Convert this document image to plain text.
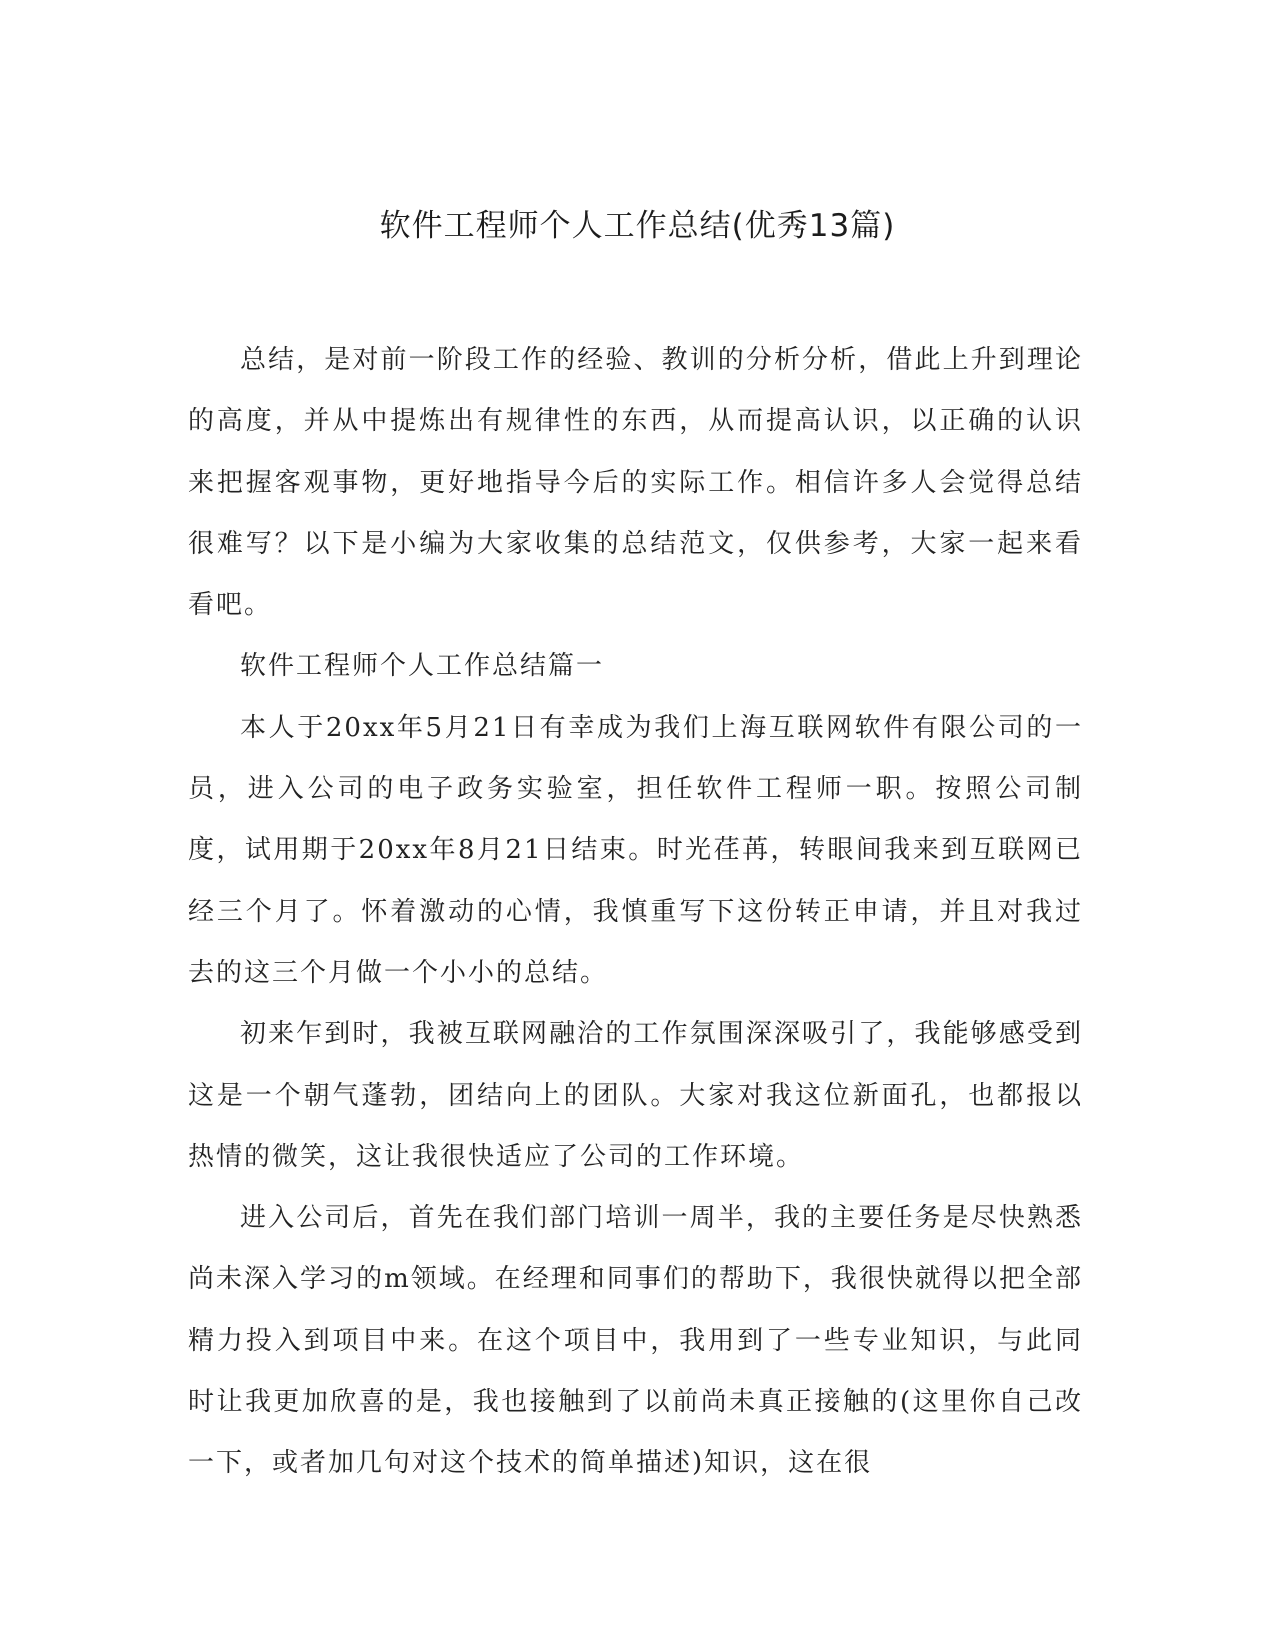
软件工程师个人工作总结(优秀13篇)

总结，是对前一阶段工作的经验、教训的分析分析，借此上升到理论的高度，并从中提炼出有规律性的东西，从而提高认识，以正确的认识来把握客观事物，更好地指导今后的实际工作。相信许多人会觉得总结很难写？以下是小编为大家收集的总结范文，仅供参考，大家一起来看看吧。

软件工程师个人工作总结篇一

本人于20xx年5月21日有幸成为我们上海互联网软件有限公司的一员，进入公司的电子政务实验室，担任软件工程师一职。按照公司制度，试用期于20xx年8月21日结束。时光荏苒，转眼间我来到互联网已经三个月了。怀着激动的心情，我慎重写下这份转正申请，并且对我过去的这三个月做一个小小的总结。

初来乍到时，我被互联网融洽的工作氛围深深吸引了，我能够感受到这是一个朝气蓬勃，团结向上的团队。大家对我这位新面孔，也都报以热情的微笑，这让我很快适应了公司的工作环境。

进入公司后，首先在我们部门培训一周半，我的主要任务是尽快熟悉尚未深入学习的m领域。在经理和同事们的帮助下，我很快就得以把全部精力投入到项目中来。在这个项目中，我用到了一些专业知识，与此同时让我更加欣喜的是，我也接触到了以前尚未真正接触的(这里你自己改一下，或者加几句对这个技术的简单描述)知识，这在很
